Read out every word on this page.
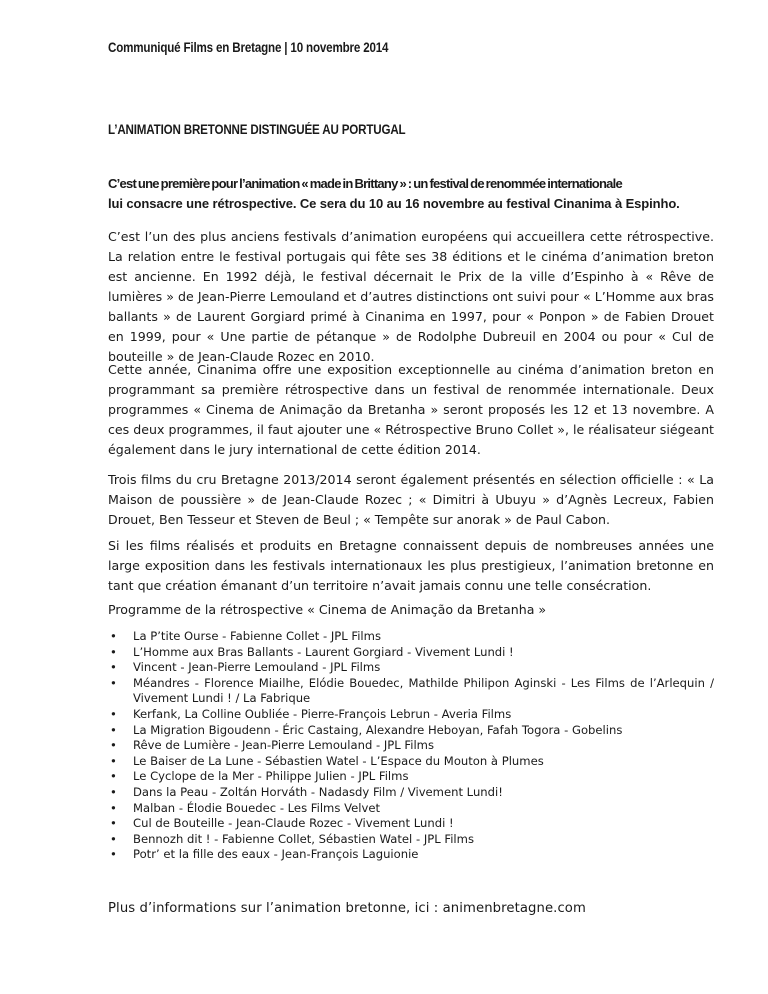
Communiqué Films en Bretagne | 10 novembre 2014
L’ANIMATION BRETONNE DISTINGUÉE AU PORTUGAL
C’est une première pour l’animation « made in Brittany » : un festival de renommée internationale
lui consacre une rétrospective. Ce sera du 10 au 16 novembre au festival Cinanima à Espinho.

C’est l’un des plus anciens festivals d’animation européens qui accueillera cette rétrospective. La relation entre le festival portugais qui fête ses 38 éditions et le cinéma d’animation breton est ancienne. En 1992 déjà, le festival décernait le Prix de la ville d’Espinho à « Rêve de lumières » de Jean-Pierre Lemouland et d’autres distinctions ont suivi pour « L’Homme aux bras ballants » de Laurent Gorgiard primé à Cinanima en 1997, pour « Ponpon » de Fabien Drouet en 1999, pour « Une partie de pétanque » de Rodolphe Dubreuil en 2004 ou pour « Cul de bouteille » de Jean-Claude Rozec en 2010.

Cette année, Cinanima offre une exposition exceptionnelle au cinéma d’animation breton en programmant sa première rétrospective dans un festival de renommée internationale. Deux programmes « Cinema de Animação da Bretanha » seront proposés les 12 et 13 novembre. A ces deux programmes, il faut ajouter une « Rétrospective Bruno Collet », le réalisateur siégeant également dans le jury international de cette édition 2014.

Trois films du cru Bretagne 2013/2014 seront également présentés en sélection officielle : « La Maison de poussière » de Jean-Claude Rozec ; « Dimitri à Ubuyu » d’Agnès Lecreux, Fabien Drouet, Ben Tesseur et Steven de Beul ; « Tempête sur anorak » de Paul Cabon.

Si les films réalisés et produits en Bretagne connaissent depuis de nombreuses années une large exposition dans les festivals internationaux les plus prestigieux, l’animation bretonne en tant que création émanant d’un territoire n’avait jamais connu une telle consécration.

Programme de la rétrospective « Cinema de Animação da Bretanha »
• La P’tite Ourse - Fabienne Collet - JPL Films
• L’Homme aux Bras Ballants - Laurent Gorgiard - Vivement Lundi !
• Vincent - Jean-Pierre Lemouland - JPL Films
• Méandres - Florence Miailhe, Elódie Bouedec, Mathilde Philipon Aginski - Les Films de l’Arlequin / Vivement Lundi ! / La Fabrique
• Kerfank, La Colline Oubliée - Pierre-François Lebrun - Averia Films
• La Migration Bigoudenn - Éric Castaing, Alexandre Heboyan, Fafah Togora - Gobelins
• Rêve de Lumière - Jean-Pierre Lemouland - JPL Films
• Le Baiser de La Lune - Sébastien Watel - L’Espace du Mouton à Plumes
• Le Cyclope de la Mer - Philippe Julien - JPL Films
• Dans la Peau - Zoltán Horváth - Nadasdy Film / Vivement Lundi!
• Malban - Élodie Bouedec - Les Films Velvet
• Cul de Bouteille - Jean-Claude Rozec - Vivement Lundi !
• Bennozh dit ! - Fabienne Collet, Sébastien Watel - JPL Films
• Potr’ et la fille des eaux - Jean-François Laguionie
Plus d’informations sur l’animation bretonne, ici : animenbretagne.com
